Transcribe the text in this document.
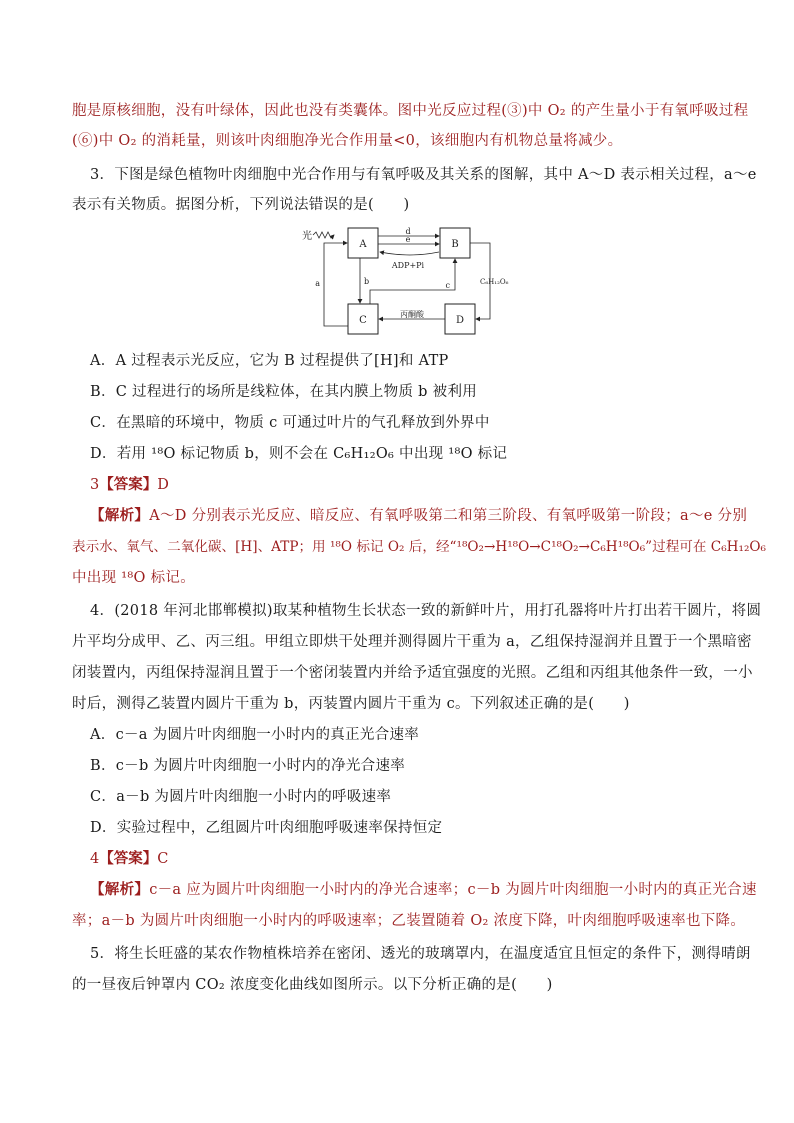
胞是原核细胞，没有叶绿体，因此也没有类囊体。图中光反应过程(③)中 O₂ 的产生量小于有氧呼吸过程
(⑥)中 O₂ 的消耗量，则该叶肉细胞净光合作用量<0，该细胞内有机物总量将减少。
3．下图是绿色植物叶肉细胞中光合作用与有氧呼吸及其关系的图解，其中 A～D 表示相关过程，a～e
表示有关物质。据图分析，下列说法错误的是(　　)
光
A	B
C	D
d
e
ADP+Pi
b
a	c	C₆H₁₂O₆
丙酮酸
A．A 过程表示光反应，它为 B 过程提供了[H]和 ATP
B．C 过程进行的场所是线粒体，在其内膜上物质 b 被利用
C．在黑暗的环境中，物质 c 可通过叶片的气孔释放到外界中
D．若用 ¹⁸O 标记物质 b，则不会在 C₆H₁₂O₆ 中出现 ¹⁸O 标记
3【答案】D
【解析】A～D 分别表示光反应、暗反应、有氧呼吸第二和第三阶段、有氧呼吸第一阶段；a～e 分别
表示水、氧气、二氧化碳、[H]、ATP；用 ¹⁸O 标记 O₂ 后，经“¹⁸O₂→H¹⁸O→C¹⁸O₂→C₆H¹⁸O₆”过程可在 C₆H₁₂O₆
中出现 ¹⁸O 标记。
4．(2018 年河北邯郸模拟)取某种植物生长状态一致的新鲜叶片，用打孔器将叶片打出若干圆片，将圆
片平均分成甲、乙、丙三组。甲组立即烘干处理并测得圆片干重为 a，乙组保持湿润并且置于一个黑暗密
闭装置内，丙组保持湿润且置于一个密闭装置内并给予适宜强度的光照。乙组和丙组其他条件一致，一小
时后，测得乙装置内圆片干重为 b，丙装置内圆片干重为 c。下列叙述正确的是(　　)
A．c－a 为圆片叶肉细胞一小时内的真正光合速率
B．c－b 为圆片叶肉细胞一小时内的净光合速率
C．a－b 为圆片叶肉细胞一小时内的呼吸速率
D．实验过程中，乙组圆片叶肉细胞呼吸速率保持恒定
4【答案】C
【解析】c－a 应为圆片叶肉细胞一小时内的净光合速率；c－b 为圆片叶肉细胞一小时内的真正光合速
率；a－b 为圆片叶肉细胞一小时内的呼吸速率；乙装置随着 O₂ 浓度下降，叶肉细胞呼吸速率也下降。
5．将生长旺盛的某农作物植株培养在密闭、透光的玻璃罩内，在温度适宜且恒定的条件下，测得晴朗
的一昼夜后钟罩内 CO₂ 浓度变化曲线如图所示。以下分析正确的是(　　)
